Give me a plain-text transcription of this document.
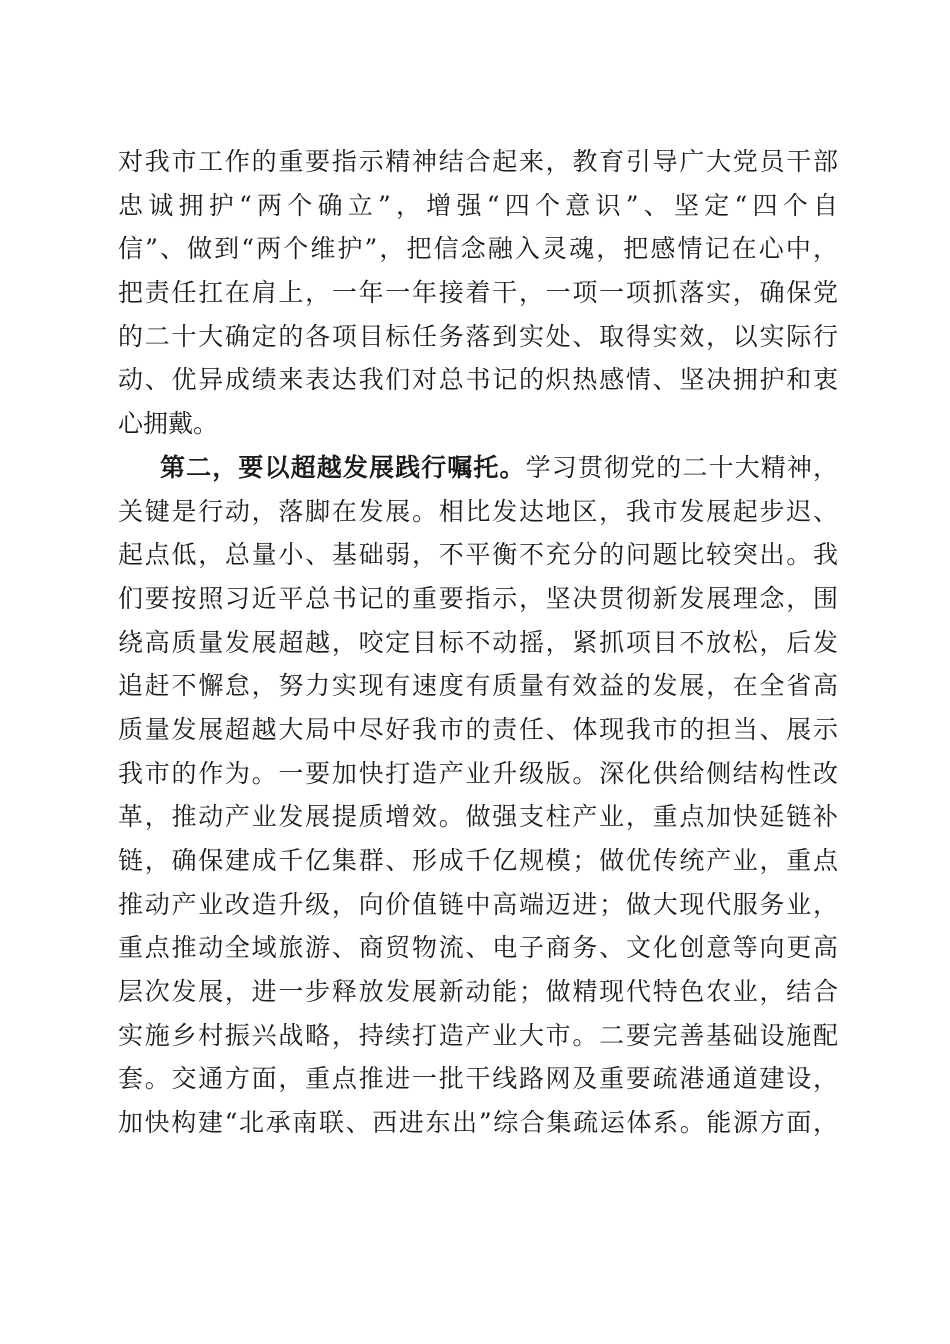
对我市工作的重要指示精神结合起来，教育引导广大党员干部
忠诚拥护“两个确立”，增强“四个意识”、坚定“四个自
信”、做到“两个维护”，把信念融入灵魂，把感情记在心中，
把责任扛在肩上，一年一年接着干，一项一项抓落实，确保党
的二十大确定的各项目标任务落到实处、取得实效，以实际行
动、优异成绩来表达我们对总书记的炽热感情、坚决拥护和衷
心拥戴。
第二，要以超越发展践行嘱托。学习贯彻党的二十大精神，
关键是行动，落脚在发展。相比发达地区，我市发展起步迟、
起点低，总量小、基础弱，不平衡不充分的问题比较突出。我
们要按照习近平总书记的重要指示，坚决贯彻新发展理念，围
绕高质量发展超越，咬定目标不动摇，紧抓项目不放松，后发
追赶不懈怠，努力实现有速度有质量有效益的发展，在全省高
质量发展超越大局中尽好我市的责任、体现我市的担当、展示
我市的作为。一要加快打造产业升级版。深化供给侧结构性改
革，推动产业发展提质增效。做强支柱产业，重点加快延链补
链，确保建成千亿集群、形成千亿规模；做优传统产业，重点
推动产业改造升级，向价值链中高端迈进；做大现代服务业，
重点推动全域旅游、商贸物流、电子商务、文化创意等向更高
层次发展，进一步释放发展新动能；做精现代特色农业，结合
实施乡村振兴战略，持续打造产业大市。二要完善基础设施配
套。交通方面，重点推进一批干线路网及重要疏港通道建设，
加快构建“北承南联、西进东出”综合集疏运体系。能源方面，
